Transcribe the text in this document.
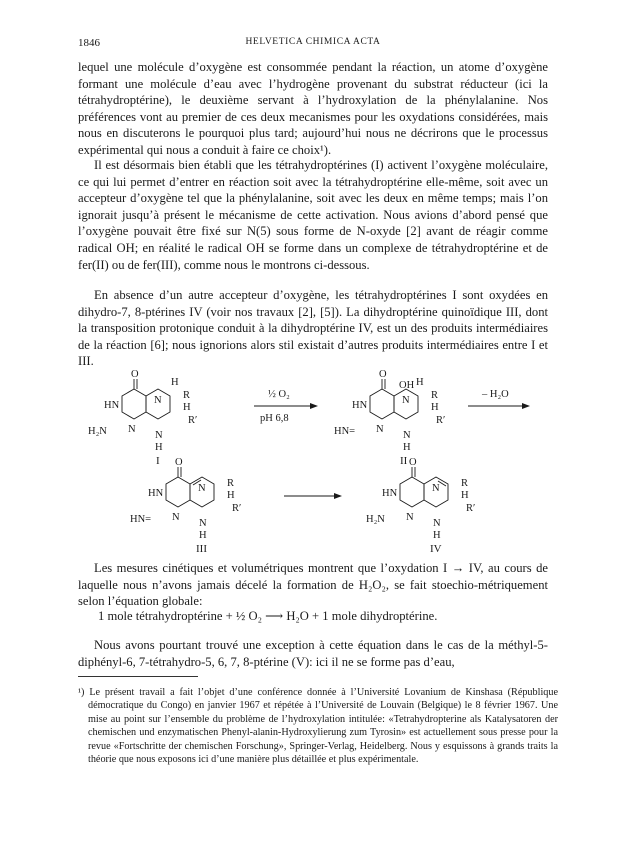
1846	HELVETICA CHIMICA ACTA

lequel une molécule d’oxygène est consommée pendant la réaction, un atome d’oxygène formant une molécule d’eau avec l’hydrogène provenant du substrat réducteur (ici la tétrahydroptérine), le deuxième servant à l’hydroxylation de la phénylalanine. Nos préférences vont au premier de ces deux mecanismes pour les oxydations considérées, mais nous en discuterons le pourquoi plus tard; aujourd’hui nous ne décrirons que le processus expérimental qui nous a conduit à faire ce choix¹).

Il est désormais bien établi que les tétrahydroptérines (I) activent l’oxygène moléculaire, ce qui lui permet d’entrer en réaction soit avec la tétrahydroptérine elle-même, soit avec un accepteur d’oxygène tel que la phénylalanine, soit avec les deux en même temps; mais l’on ignorait jusqu’à présent le mécanisme de cette activation. Nous avions d’abord pensé que l’oxygène pouvait être fixé sur N(5) sous forme de N-oxyde [2] avant de réagir comme radical OH; en réalité le radical OH se forme dans un complexe de tétrahydroptérine et de fer(II) ou de fer(III), comme nous le montrons ci-dessous.

En absence d’un autre accepteur d’oxygène, les tétrahydroptérines I sont oxydées en dihydro-7, 8-ptérines IV (voir nos travaux [2], [5]). La dihydroptérine quinoïdique III, dont la transposition protonique conduit à la dihydroptérine IV, est un des produits intermédiaires de la réaction [6]; nous ignorions alors stil existait d’autres produits intermédiaires entre I et III.

O
H
HN	N R
H
R′
H₂N N
N
H
I
½ O₂
pH 6,8
O
OH H
HN	N R
H
R′
HN= N
N
H
II
– H₂O
O
HN	N R
H
R′
HN= N
N
H
III
O
HN	N R
H
R′
H₂N N
N
H
IV

Les mesures cinétiques et volumétriques montrent que l’oxydation I → IV, au cours de laquelle nous n’avons jamais décelé la formation de H₂O₂, se fait stoechio-métriquement selon l’équation globale:

1 mole tétrahydroptérine + ½ O₂ ⟶ H₂O + 1 mole dihydroptérine.

Nous avons pourtant trouvé une exception à cette équation dans le cas de la méthyl-5-diphényl-6, 7-tétrahydro-5, 6, 7, 8-ptérine (V): ici il ne se forme pas d’eau,

¹) Le présent travail a fait l’objet d’une conférence donnée à l’Université Lovanium de Kinshasa (République démocratique du Congo) en janvier 1967 et répétée à l’Université de Louvain (Belgique) le 8 février 1967. Une mise au point sur l’ensemble du problème de l’hydroxylation intitulée: «Tetrahydropterine als Katalysatoren der chemischen und enzymatischen Phenyl-alanin-Hydroxylierung zum Tyrosin» est actuellement sous presse pour la revue «Fortschritte der chemischen Forschung», Springer-Verlag, Heidelberg. Nous y esquissons à grands traits la théorie que nous exposons ici d’une manière plus détaillée et plus expérimentale.
